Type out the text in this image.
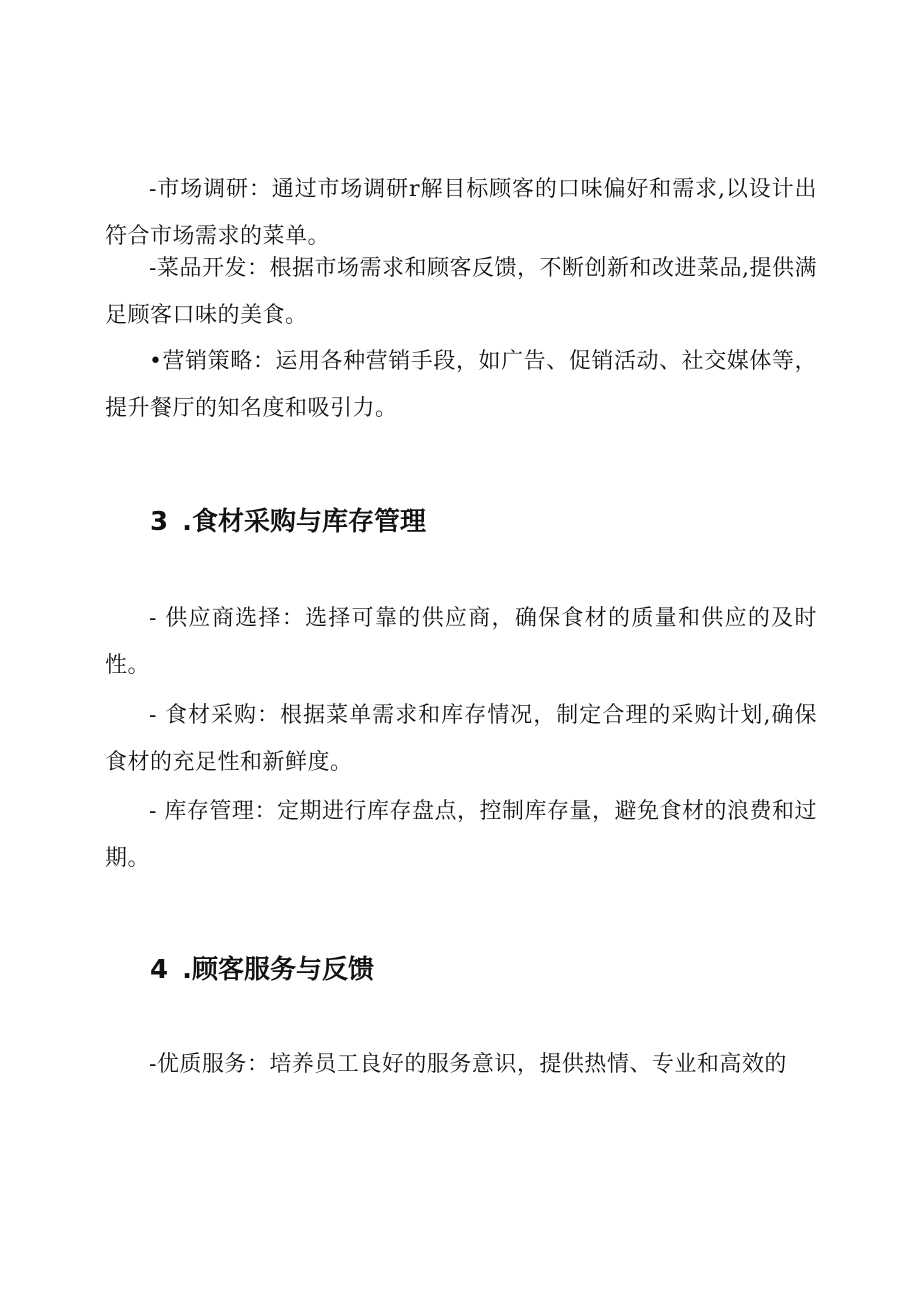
-市场调研：通过市场调研r解目标顾客的口味偏好和需求,以设计出符合市场需求的菜单。

-菜品开发：根据市场需求和顾客反馈，不断创新和改进菜品,提供满足顾客口味的美食。

•营销策略：运用各种营销手段，如广告、促销活动、社交媒体等，提升餐厅的知名度和吸引力。

3 .食材采购与库存管理

- 供应商选择：选择可靠的供应商，确保食材的质量和供应的及时性。

- 食材采购：根据菜单需求和库存情况，制定合理的采购计划,确保食材的充足性和新鲜度。

- 库存管理：定期进行库存盘点，控制库存量，避免食材的浪费和过期。

4 .顾客服务与反馈

-优质服务：培养员工良好的服务意识，提供热情、专业和高效的
